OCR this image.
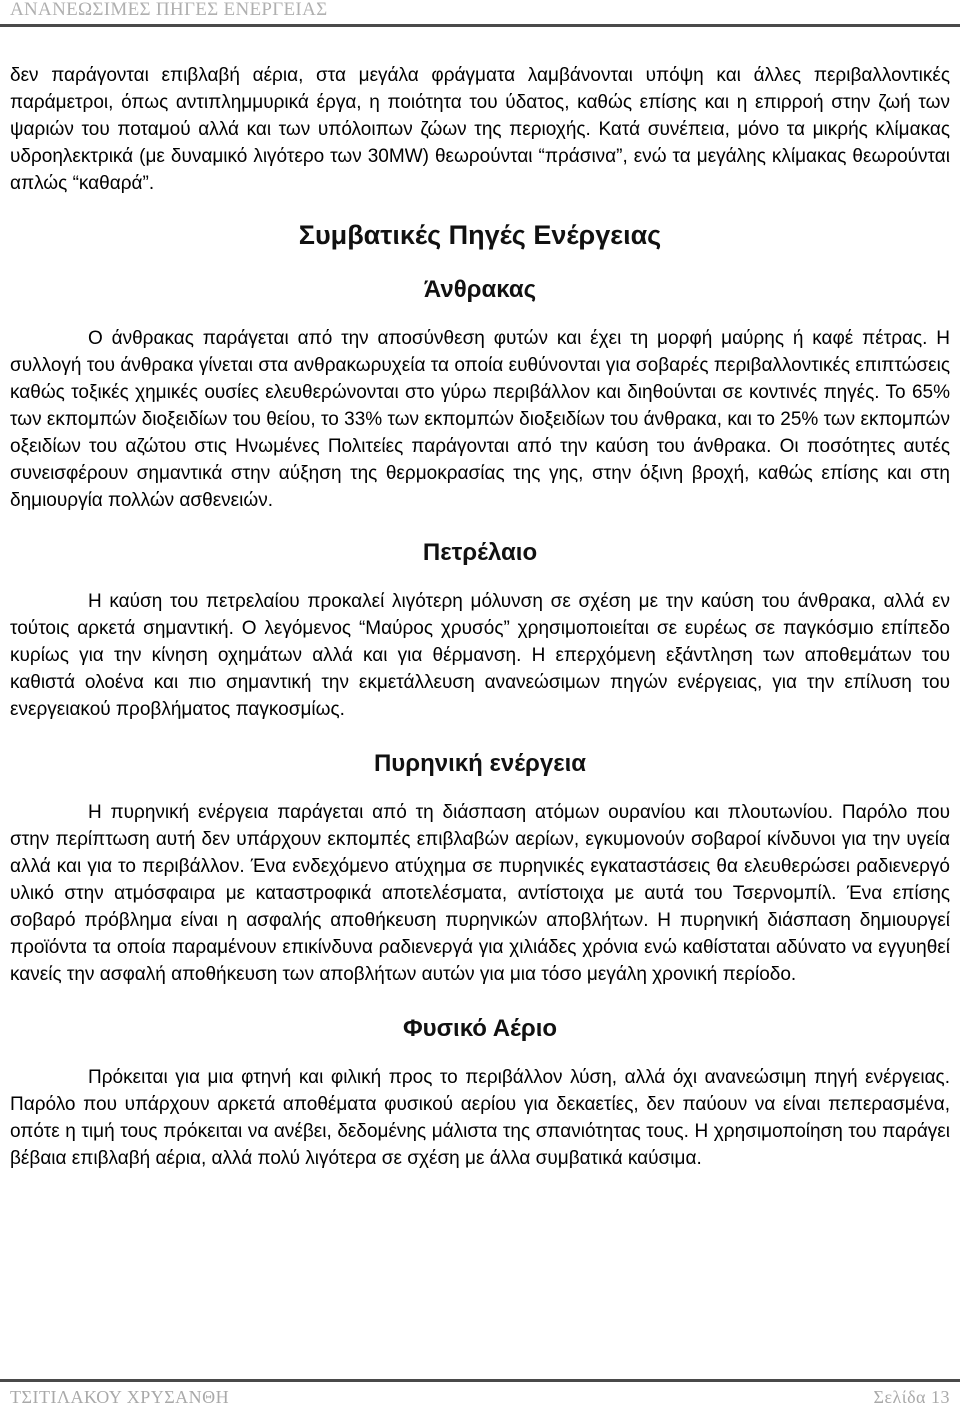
ΑΝΑΝΕΩΣΙΜΕΣ ΠΗΓΕΣ ΕΝΕΡΓΕΙΑΣ

δεν παράγονται επιβλαβή αέρια, στα μεγάλα φράγματα λαμβάνονται υπόψη και άλλες περιβαλλοντικές παράμετροι, όπως αντιπλημμυρικά έργα, η ποιότητα του ύδατος, καθώς επίσης και η επιρροή στην ζωή των ψαριών του ποταμού αλλά και των υπόλοιπων ζώων της περιοχής. Κατά συνέπεια, μόνο τα μικρής κλίμακας υδροηλεκτρικά (με δυναμικό λιγότερο των 30MW) θεωρούνται “πράσινα”, ενώ τα μεγάλης κλίμακας θεωρούνται απλώς “καθαρά”.

Συμβατικές Πηγές Ενέργειας
Άνθρακας

Ο άνθρακας παράγεται από την αποσύνθεση φυτών και έχει τη μορφή μαύρης ή καφέ πέτρας. Η συλλογή του άνθρακα γίνεται στα ανθρακωρυχεία τα οποία ευθύνονται για σοβαρές περιβαλλοντικές επιπτώσεις καθώς τοξικές χημικές ουσίες ελευθερώνονται στο γύρω περιβάλλον και διηθούνται σε κοντινές πηγές. Το 65% των εκπομπών διοξειδίων του θείου, το 33% των εκπομπών διοξειδίων του άνθρακα, και το 25% των εκπομπών οξειδίων του αζώτου στις Ηνωμένες Πολιτείες παράγονται από την καύση του άνθρακα. Οι ποσότητες αυτές συνεισφέρουν σημαντικά στην αύξηση της θερμοκρασίας της γης, στην όξινη βροχή, καθώς επίσης και στη δημιουργία πολλών ασθενειών.

Πετρέλαιο

Η καύση του πετρελαίου προκαλεί λιγότερη μόλυνση σε σχέση με την καύση του άνθρακα, αλλά εν τούτοις αρκετά σημαντική. Ο λεγόμενος “Μαύρος χρυσός” χρησιμοποιείται σε ευρέως σε παγκόσμιο επίπεδο κυρίως για την κίνηση οχημάτων αλλά και για θέρμανση. Η επερχόμενη εξάντληση των αποθεμάτων του καθιστά ολοένα και πιο σημαντική την εκμετάλλευση ανανεώσιμων πηγών ενέργειας, για την επίλυση του ενεργειακού προβλήματος παγκοσμίως.

Πυρηνική ενέργεια

Η πυρηνική ενέργεια παράγεται από τη διάσπαση ατόμων ουρανίου και πλουτωνίου. Παρόλο που στην περίπτωση αυτή δεν υπάρχουν εκπομπές επιβλαβών αερίων, εγκυμονούν σοβαροί κίνδυνοι για την υγεία αλλά και για το περιβάλλον. Ένα ενδεχόμενο ατύχημα σε πυρηνικές εγκαταστάσεις θα ελευθερώσει ραδιενεργό υλικό στην ατμόσφαιρα με καταστροφικά αποτελέσματα, αντίστοιχα με αυτά του Τσερνομπίλ. Ένα επίσης σοβαρό πρόβλημα είναι η ασφαλής αποθήκευση πυρηνικών αποβλήτων. Η πυρηνική διάσπαση δημιουργεί προϊόντα τα οποία παραμένουν επικίνδυνα ραδιενεργά για χιλιάδες χρόνια ενώ καθίσταται αδύνατο να εγγυηθεί κανείς την ασφαλή αποθήκευση των αποβλήτων αυτών για μια τόσο μεγάλη χρονική περίοδο.

Φυσικό Αέριο

Πρόκειται για μια φτηνή και φιλική προς το περιβάλλον λύση, αλλά όχι ανανεώσιμη πηγή ενέργειας. Παρόλο που υπάρχουν αρκετά αποθέματα φυσικού αερίου για δεκαετίες, δεν παύουν να είναι πεπερασμένα, οπότε η τιμή τους πρόκειται να ανέβει, δεδομένης μάλιστα της σπανιότητας τους. Η χρησιμοποίηση του παράγει βέβαια επιβλαβή αέρια, αλλά πολύ λιγότερα σε σχέση με άλλα συμβατικά καύσιμα.

ΤΣΙΤΙΛΑΚΟΥ ΧΡΥΣΑΝΘΗ	Σελίδα 13
